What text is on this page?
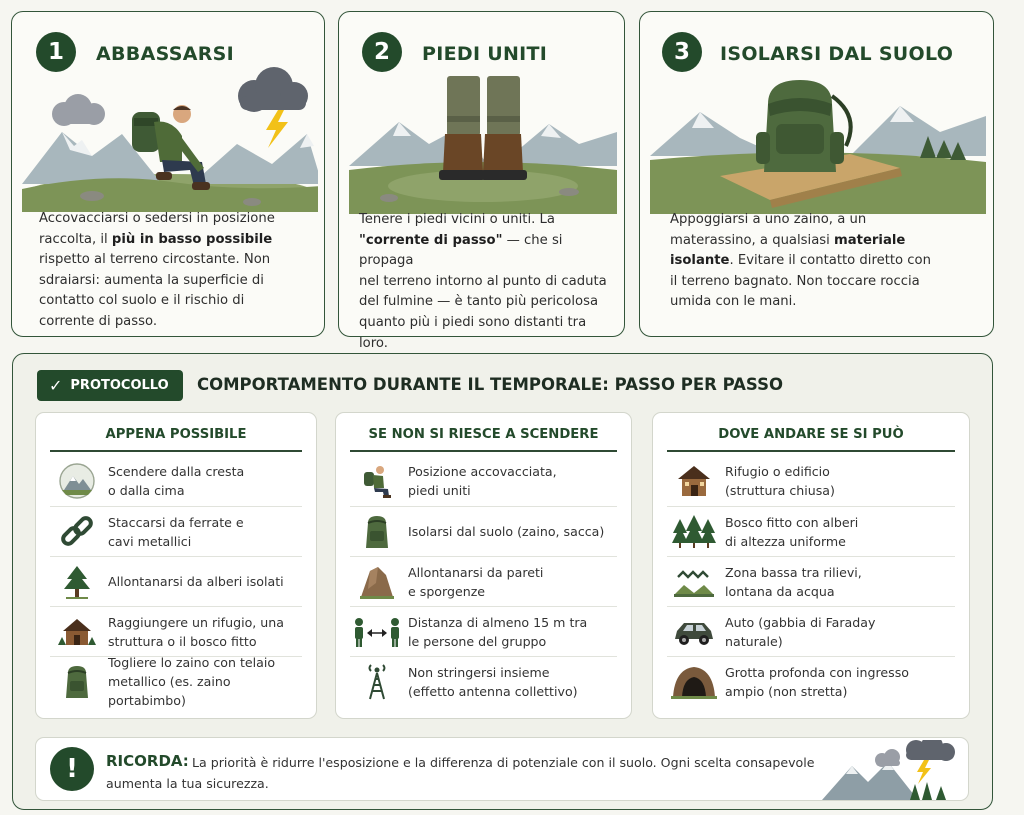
1	ABBASSARSI
Accovacciarsi o sedersi in posizione
raccolta, il più in basso possibile
rispetto al terreno circostante. Non
sdraiarsi: aumenta la superficie di
contatto col suolo e il rischio di
corrente di passo.
2	PIEDI UNITI
Tenere i piedi vicini o uniti. La
"corrente di passo" — che si propaga
nel terreno intorno al punto di caduta
del fulmine — è tanto più pericolosa
quanto più i piedi sono distanti tra
loro.
3	ISOLARSI DAL SUOLO
Appoggiarsi a uno zaino, a un
materassino, a qualsiasi materiale
isolante. Evitare il contatto diretto con
il terreno bagnato. Non toccare roccia
umida con le mani.
✓ PROTOCOLLO COMPORTAMENTO DURANTE IL TEMPORALE: PASSO PER PASSO
APPENA POSSIBILE
Scendere dalla cresta
o dalla cima
Staccarsi da ferrate e
cavi metallici
Allontanarsi da alberi isolati
Raggiungere un rifugio, una
struttura o il bosco fitto
Togliere lo zaino con telaio
metallico (es. zaino portabimbo)
SE NON SI RIESCE A SCENDERE
Posizione accovacciata,
piedi uniti
Isolarsi dal suolo (zaino, sacca)
Allontanarsi da pareti
e sporgenze
Distanza di almeno 15 m tra
le persone del gruppo
Non stringersi insieme
(effetto antenna collettivo)
DOVE ANDARE SE SI PUÒ
Rifugio o edificio
(struttura chiusa)
Bosco fitto con alberi
di altezza uniforme
Zona bassa tra rilievi,
lontana da acqua
Auto (gabbia di Faraday
naturale)
Grotta profonda con ingresso
ampio (non stretta)
!	RICORDA: La priorità è ridurre l'esposizione e la differenza di potenziale con il suolo. Ogni scelta consapevole aumenta la tua sicurezza.
